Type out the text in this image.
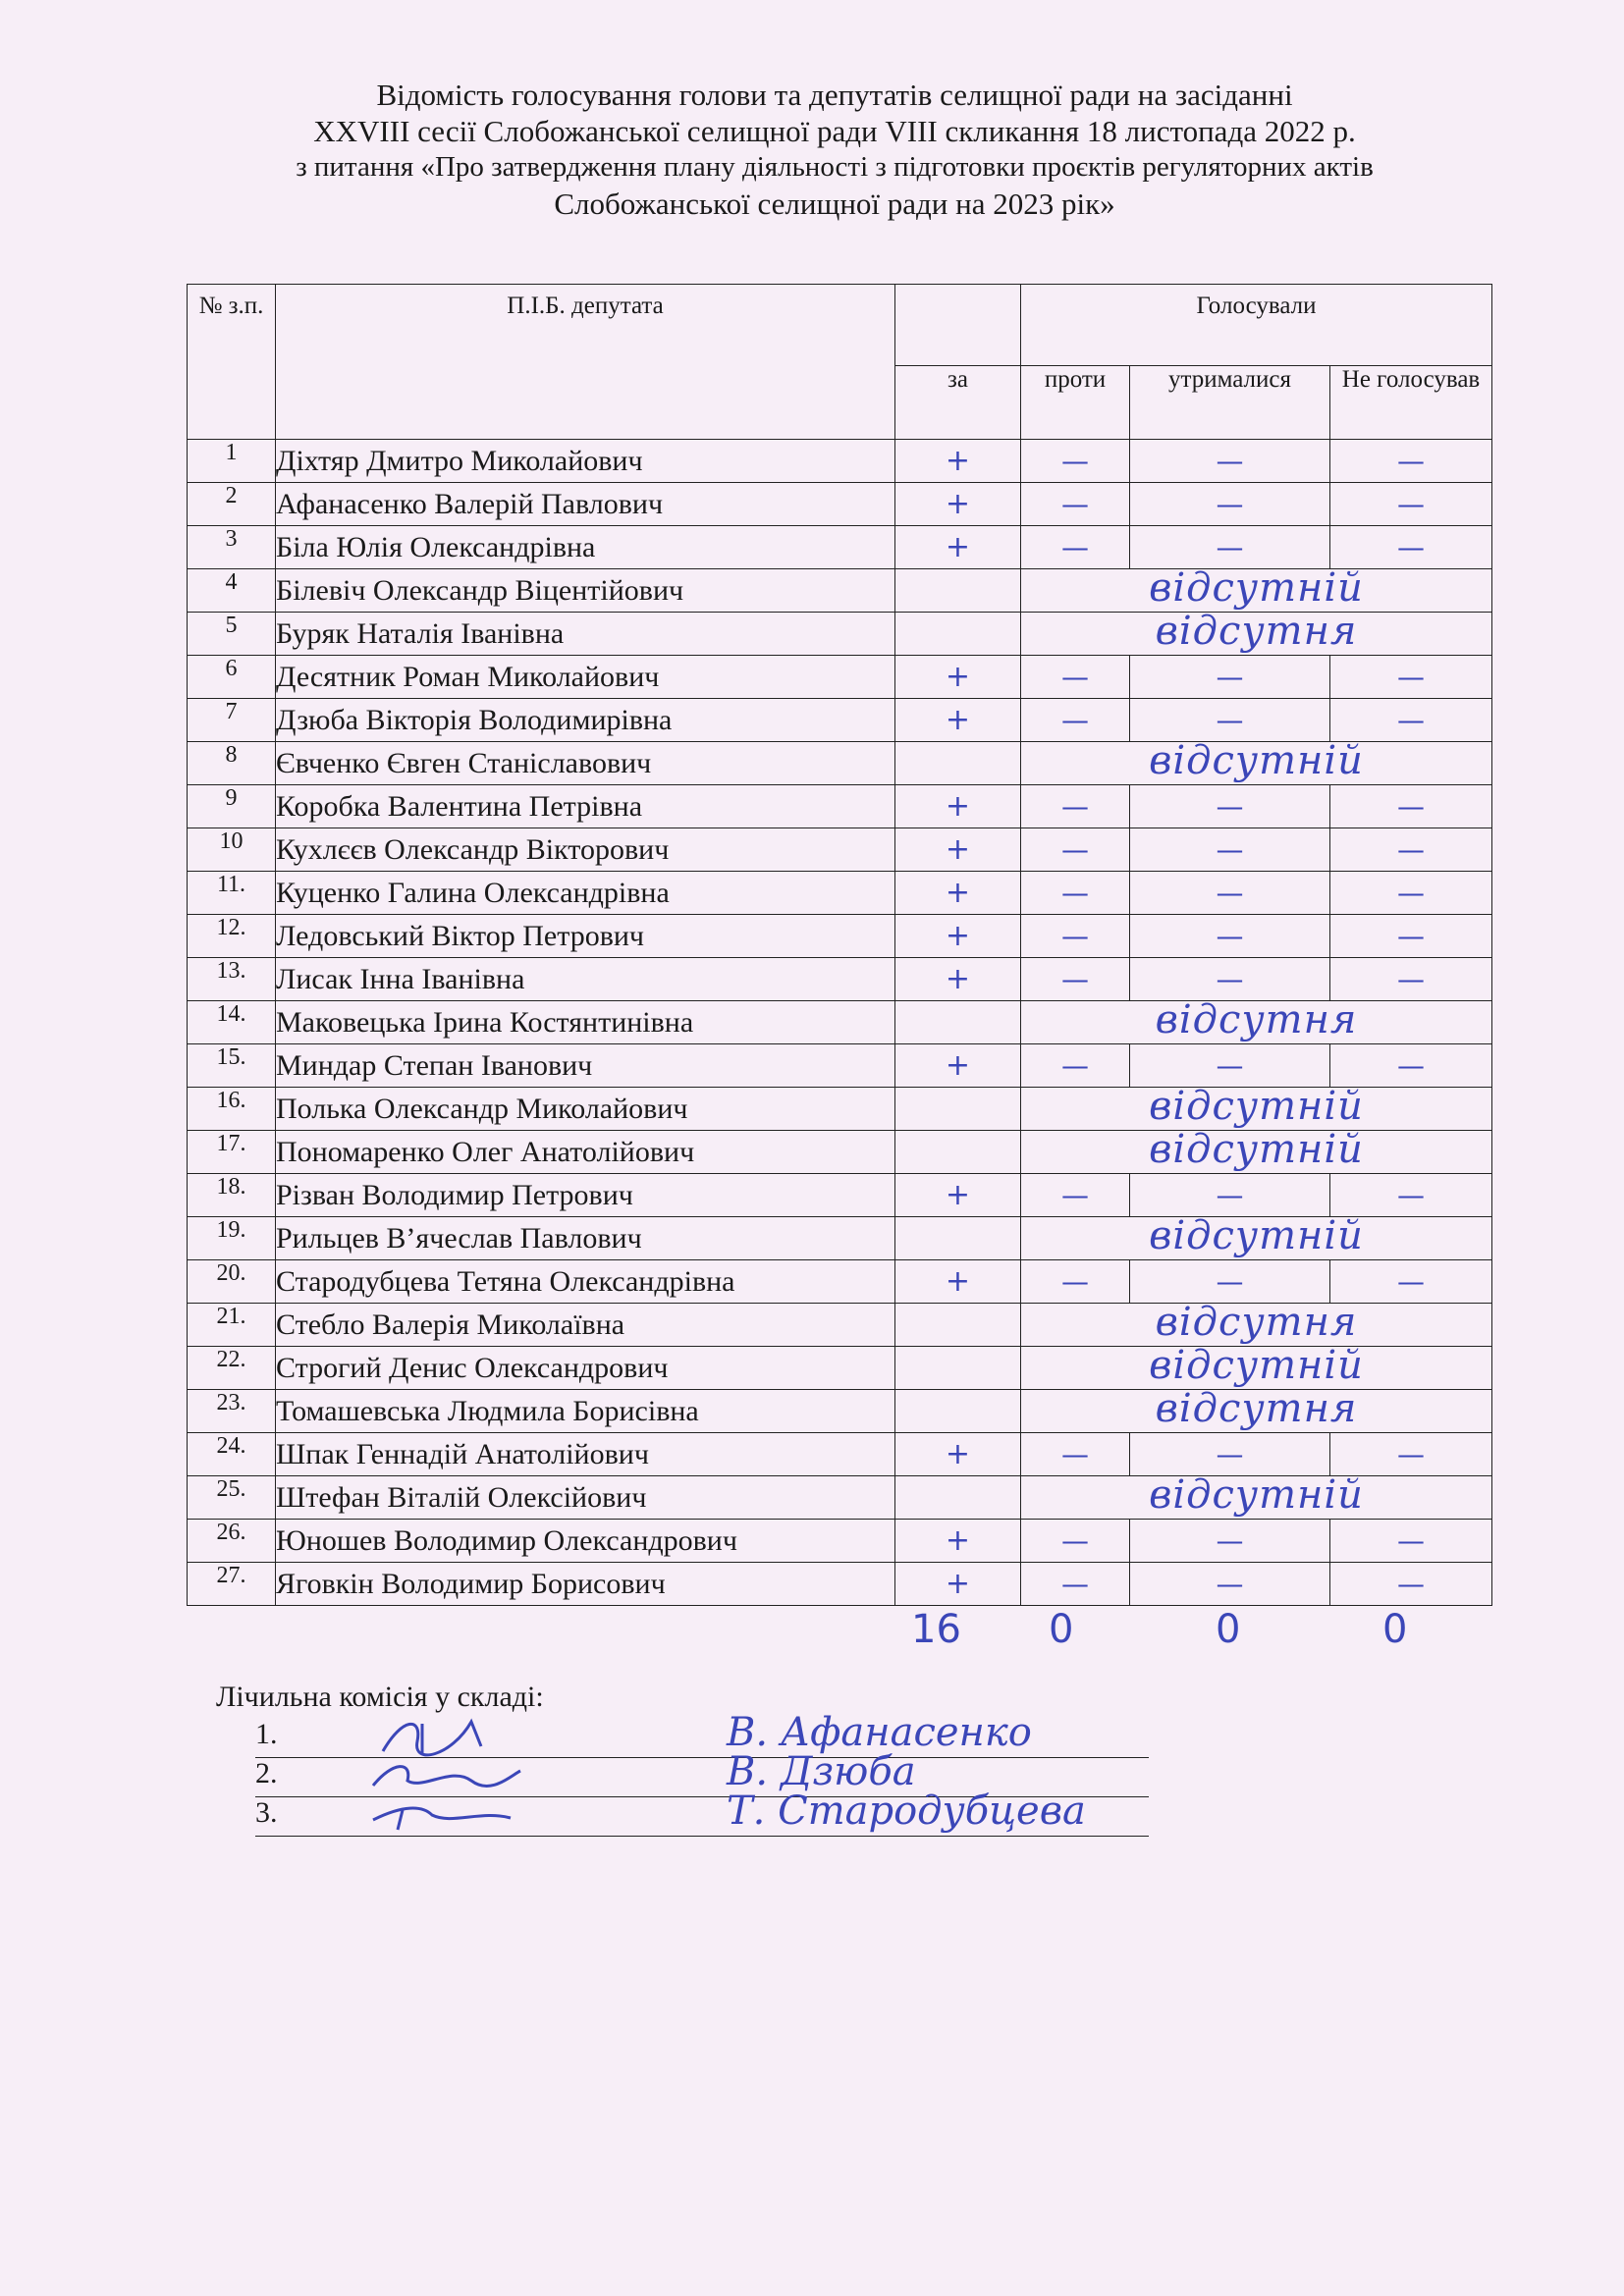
Відомість голосування голови та депутатів селищної ради на засіданні
XXVIII сесії Слобожанської селищної ради VIII скликання 18 листопада 2022 р.
з питання «Про затвердження плану діяльності з підготовки проєктів регуляторних актів
Слобожанської селищної ради на 2023 рік»
№ з.п.	П.І.Б. депутата		Голосували		
		за	проти	утрималися	Не голосував
1	Діхтяр Дмитро Миколайович	+	—	—	—
2	Афанасенко Валерій Павлович	+	—	—	—
3	Біла Юлія Олександрівна	+	—	—	—
4	Білевіч Олександр Віцентійович		відсутній		

5	Буряк Наталія Іванівна		відсутня		

6	Десятник Роман Миколайович	+	—	—	—
7	Дзюба Вікторія Володимирівна	+	—	—	—
8	Євченко Євген Станіславович		відсутній		

9	Коробка Валентина Петрівна	+	—	—	—
10	Кухлєєв Олександр Вікторович	+	—	—	—
11.	Куценко Галина Олександрівна	+	—	—	—
12.	Ледовський Віктор Петрович	+	—	—	—
13.	Лисак Інна Іванівна	+	—	—	—
14.	Маковецька Ірина Костянтинівна		відсутня		

15.	Миндар Степан Іванович	+	—	—	—
16.	Полька Олександр Миколайович		відсутній		

17.	Пономаренко Олег Анатолійович		відсутній		

18.	Різван Володимир Петрович	+	—	—	—
19.	Рильцев В’ячеслав Павлович		відсутній		

20.	Стародубцева Тетяна Олександрівна	+	—	—	—
21.	Стебло Валерія Миколаївна		відсутня		

22.	Строгий Денис Олександрович		відсутній		

23.	Томашевська Людмила Борисівна		відсутня		

24.	Шпак Геннадій Анатолійович	+	—	—	—
25.	Штефан Віталій Олексійович		відсутній		

26.	Юношев Володимир Олександрович	+	—	—	—
27.	Яговкін Володимир Борисович	+	—	—	—
16 0	0	0
Лічильна комісія у складі:
1.	В. Афанасенко
2.	В. Дзюба
3.	Т. Стародубцева
